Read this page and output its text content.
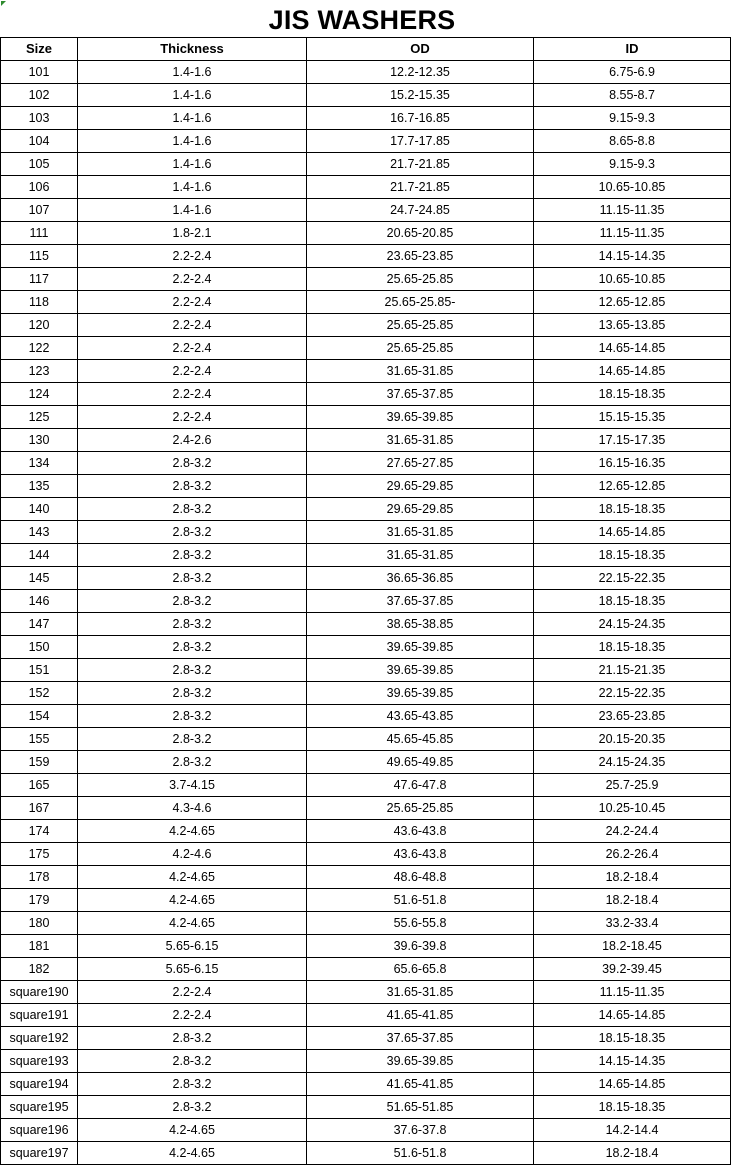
JIS WASHERS
Size	Thickness	OD	ID
101	1.4-1.6	12.2-12.35	6.75-6.9
102	1.4-1.6	15.2-15.35	8.55-8.7
103	1.4-1.6	16.7-16.85	9.15-9.3
104	1.4-1.6	17.7-17.85	8.65-8.8
105	1.4-1.6	21.7-21.85	9.15-9.3
106	1.4-1.6	21.7-21.85	10.65-10.85
107	1.4-1.6	24.7-24.85	11.15-11.35
111	1.8-2.1	20.65-20.85	11.15-11.35
115	2.2-2.4	23.65-23.85	14.15-14.35
117	2.2-2.4	25.65-25.85	10.65-10.85
118	2.2-2.4	25.65-25.85-	12.65-12.85
120	2.2-2.4	25.65-25.85	13.65-13.85
122	2.2-2.4	25.65-25.85	14.65-14.85
123	2.2-2.4	31.65-31.85	14.65-14.85
124	2.2-2.4	37.65-37.85	18.15-18.35
125	2.2-2.4	39.65-39.85	15.15-15.35
130	2.4-2.6	31.65-31.85	17.15-17.35
134	2.8-3.2	27.65-27.85	16.15-16.35
135	2.8-3.2	29.65-29.85	12.65-12.85
140	2.8-3.2	29.65-29.85	18.15-18.35
143	2.8-3.2	31.65-31.85	14.65-14.85
144	2.8-3.2	31.65-31.85	18.15-18.35
145	2.8-3.2	36.65-36.85	22.15-22.35
146	2.8-3.2	37.65-37.85	18.15-18.35
147	2.8-3.2	38.65-38.85	24.15-24.35
150	2.8-3.2	39.65-39.85	18.15-18.35
151	2.8-3.2	39.65-39.85	21.15-21.35
152	2.8-3.2	39.65-39.85	22.15-22.35
154	2.8-3.2	43.65-43.85	23.65-23.85
155	2.8-3.2	45.65-45.85	20.15-20.35
159	2.8-3.2	49.65-49.85	24.15-24.35
165	3.7-4.15	47.6-47.8	25.7-25.9
167	4.3-4.6	25.65-25.85	10.25-10.45
174	4.2-4.65	43.6-43.8	24.2-24.4
175	4.2-4.6	43.6-43.8	26.2-26.4
178	4.2-4.65	48.6-48.8	18.2-18.4
179	4.2-4.65	51.6-51.8	18.2-18.4
180	4.2-4.65	55.6-55.8	33.2-33.4
181	5.65-6.15	39.6-39.8	18.2-18.45
182	5.65-6.15	65.6-65.8	39.2-39.45
square190	2.2-2.4	31.65-31.85	11.15-11.35
square191	2.2-2.4	41.65-41.85	14.65-14.85
square192	2.8-3.2	37.65-37.85	18.15-18.35
square193	2.8-3.2	39.65-39.85	14.15-14.35
square194	2.8-3.2	41.65-41.85	14.65-14.85
square195	2.8-3.2	51.65-51.85	18.15-18.35
square196	4.2-4.65	37.6-37.8	14.2-14.4
square197	4.2-4.65	51.6-51.8	18.2-18.4
